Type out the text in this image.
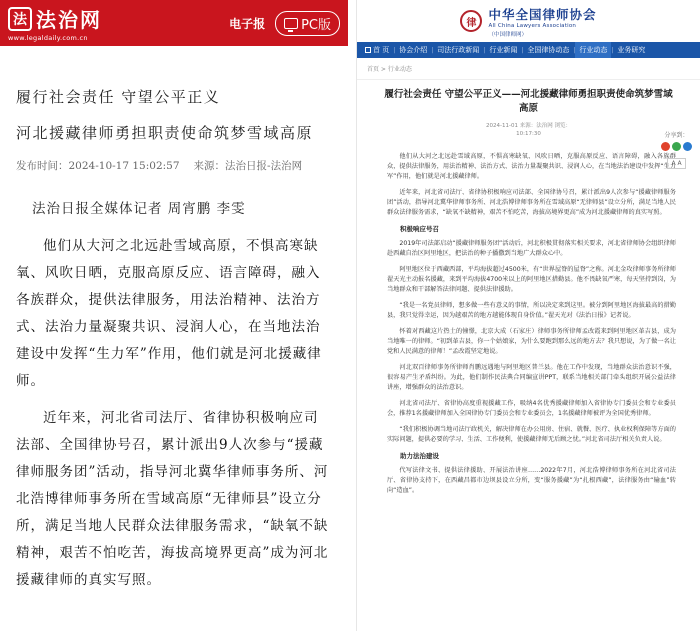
法 法治网
www.legaldaily.com.cn
电子报	PC版
履行社会责任 守望公平正义
河北援藏律师勇担职责使命筑梦雪域高原
发布时间：2024-10-17 15:02:57 来源：法治日报-法治网
法治日报全媒体记者 周宵鹏 李雯
他们从大河之北远赴雪域高原，不惧高寒缺氧、风吹日晒，克服高原反应、语言障碍，融入各族群众，提供法律服务，用法治精神、法治方式、法治力量凝聚共识、浸润人心，在当地法治建设中发挥“生力军”作用，他们就是河北援藏律师。
近年来，河北省司法厅、省律协积极响应司法部、全国律协号召，累计派出9人次参与“援藏律师服务团”活动，指导河北冀华律师事务所、河北浩博律师事务所在雪域高原“无律师县”设立分所，满足当地人民群众法律服务需求，“缺氧不缺精神，艰苦不怕吃苦，海拔高境界更高”成为河北援藏律师的真实写照。
律
中华全国律师协会
All China Lawyers Association
（中国律师网）
首 页 | 协会介绍 | 司法行政新闻 | 行业新闻 | 全国律协动态 | 行业动态 | 业务研究
首页 > 行业动态
履行社会责任 守望公平正义——河北援藏律师勇担职责使命筑梦雪域高原
2024-11-01 来源：法治网 浏览：
10:17:30	分享到：
A A
他们从大河之北远赴雪域高原，不惧高寒缺氧、风吹日晒，克服高原反应、语言障碍，融入各族群众，提供法律服务，用法治精神、法治方式、法治力量凝聚共识、浸润人心，在当地法治建设中发挥“生力军”作用，他们就是河北援藏律师。
近年来，河北省司法厅、省律协积极响应司法部、全国律协号召，累计派出9人次参与“援藏律师服务团”活动，指导河北冀华律师事务所、河北浩博律师事务所在雪域高原“无律师县”设立分所，满足当地人民群众法律服务需求，“缺氧不缺精神，艰苦不怕吃苦，海拔高境界更高”成为河北援藏律师的真实写照。
积极响应号召
2019年司法部启动“援藏律师服务团”活动后，河北积极贯彻落实相关要求，河北省律师协会组织律师赴西藏自治区阿里地区，把法治的种子播撒到当地广大群众心中。
阿里地区位于西藏西部，平均海拔超过4500米，有“世界屋脊的屋脊”之称。河北金攻律师事务所律师翟天光主动报名援藏，来到平均海拔4700米以上的阿里地区措勤县。他不畏缺氧严寒，每天坚持到岗，为当地群众和干部解答法律问题、提供法律援助。
“我是一名党员律师，想多做一些有意义的事情，所以决定来到这里。被分到阿里地区海拔最高的措勤县，我只觉得幸运，因为越艰苦的地方越能体现自身价值。”翟天光对《法治日报》记者说。
怀着对西藏这片热土的憧憬，北京大成（石家庄）律师事务所律师孟改霞来到阿里地区革吉县，成为当地唯一的律师。“初到革吉县，你一个姑娘家，为什么要跑到那么远的地方去？我只想说，为了做一名让党和人民满意的律师！”孟改霞坚定地说。
河北双百律师事务所律师肖鹏远遇地与阿里地区普兰县。他在工作中发现，当地群众法治意识不强，很容易产生矛盾纠纷。为此，他们制作民法典合同编宣讲PPT，联系当地相关部门牵头组织开展公益法律讲座，增强群众的法治意识。
河北省司法厅、省律协高度重视援藏工作，吸纳4名优秀援藏律师加入省律协专门委员会和专业委员会，推荐1名援藏律师加入全国律协专门委员会和专业委员会，1名援藏律师被评为全国优秀律师。
“我们积极协调当地司法厅政机关，解决律师在办公用房、住宿、就餐、医疗、执业权利保障等方面的实际问题，提供必要的学习、生活、工作便利，使援藏律师无后顾之忧。”河北省司法厅相关负责人说。
助力法治建设
代写法律文书、提供法律援助、开展法治讲座……2022年7月，河北浩博律师事务所在河北省司法厅、省律协支持下，在西藏昌都市边坝县设立分所，变“服务援藏”为“扎根西藏”，法律服务由“输血”转向“造血”。
